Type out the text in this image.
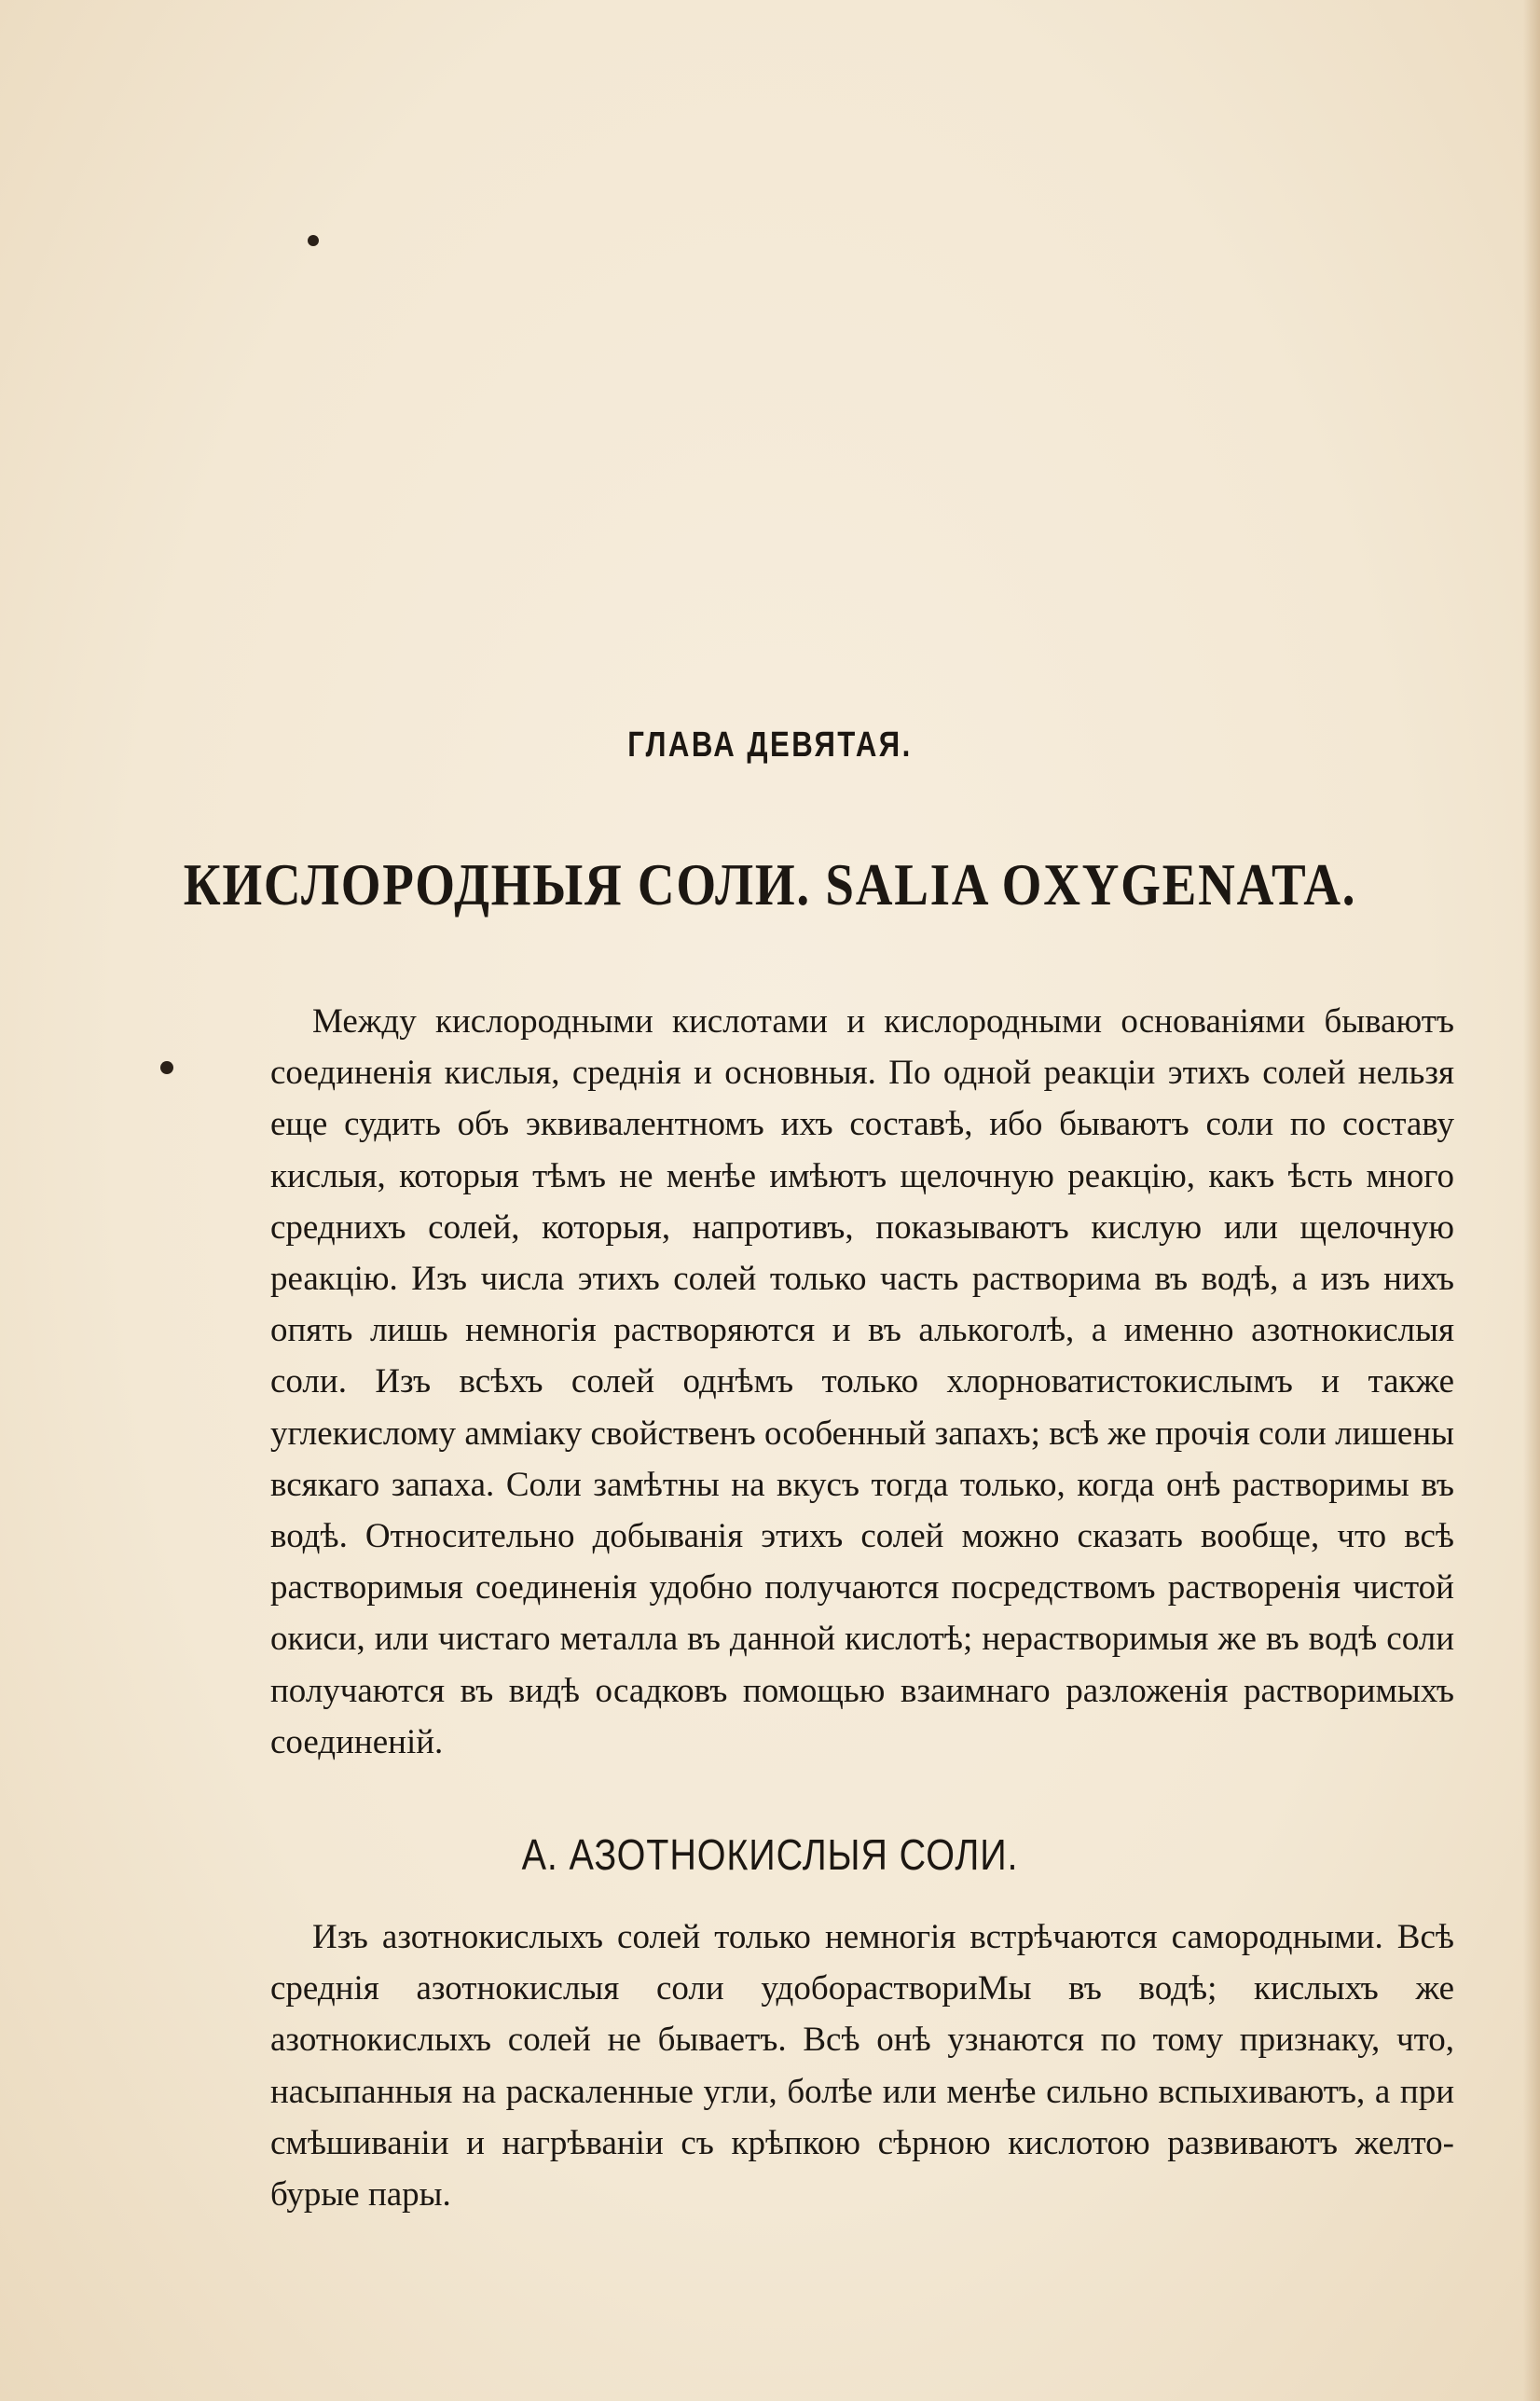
ГЛАВА ДЕВЯТАЯ.
КИСЛОРОДНЫЯ СОЛИ. SALIA OXYGENATA.

Между кислородными кислотами и кислородными основаніями бываютъ соединенія кислыя, среднія и основныя. По одной реакціи этихъ солей нельзя еще судить объ эквивалентномъ ихъ составѣ, ибо бываютъ соли по составу кислыя, которыя тѣмъ не менѣе имѣютъ щелочную реакцію, какъ ѣсть много среднихъ солей, которыя, напротивъ, показываютъ кислую или щелочную реакцію. Изъ числа этихъ солей только часть растворима въ водѣ, а изъ нихъ опять лишь немногія растворяются и въ алькоголѣ, а именно азотнокислыя соли. Изъ всѣхъ солей однѣмъ только хлорноватистокислымъ и также углекислому аммiаку свойственъ особенный запахъ; всѣ же прочія соли лишены всякаго запаха. Соли замѣтны на вкусъ тогда только, когда онѣ растворимы въ водѣ. Относительно добыванія этихъ солей можно сказать вообще, что всѣ растворимыя соединенія удобно получаются посредствомъ растворенія чистой окиси, или чистаго металла въ данной кислотѣ; нерастворимыя же въ водѣ соли получаются въ видѣ осадковъ помощью взаимнаго разложенія растворимыхъ соединеній.

A. АЗОТНОКИСЛЫЯ СОЛИ.

Изъ азотнокислыхъ солей только немногія встрѣчаются самородными. Всѣ среднія азотнокислыя соли удобораствориМы въ водѣ; кислыхъ же азотнокислыхъ солей не бываетъ. Всѣ онѣ узнаются по тому признаку, что, насыпанныя на раскаленные угли, болѣе или менѣе сильно вспыхиваютъ, а при смѣшиваніи и нагрѣваніи съ крѣпкою сѣрною кислотою развиваютъ желто-бурые пары.
